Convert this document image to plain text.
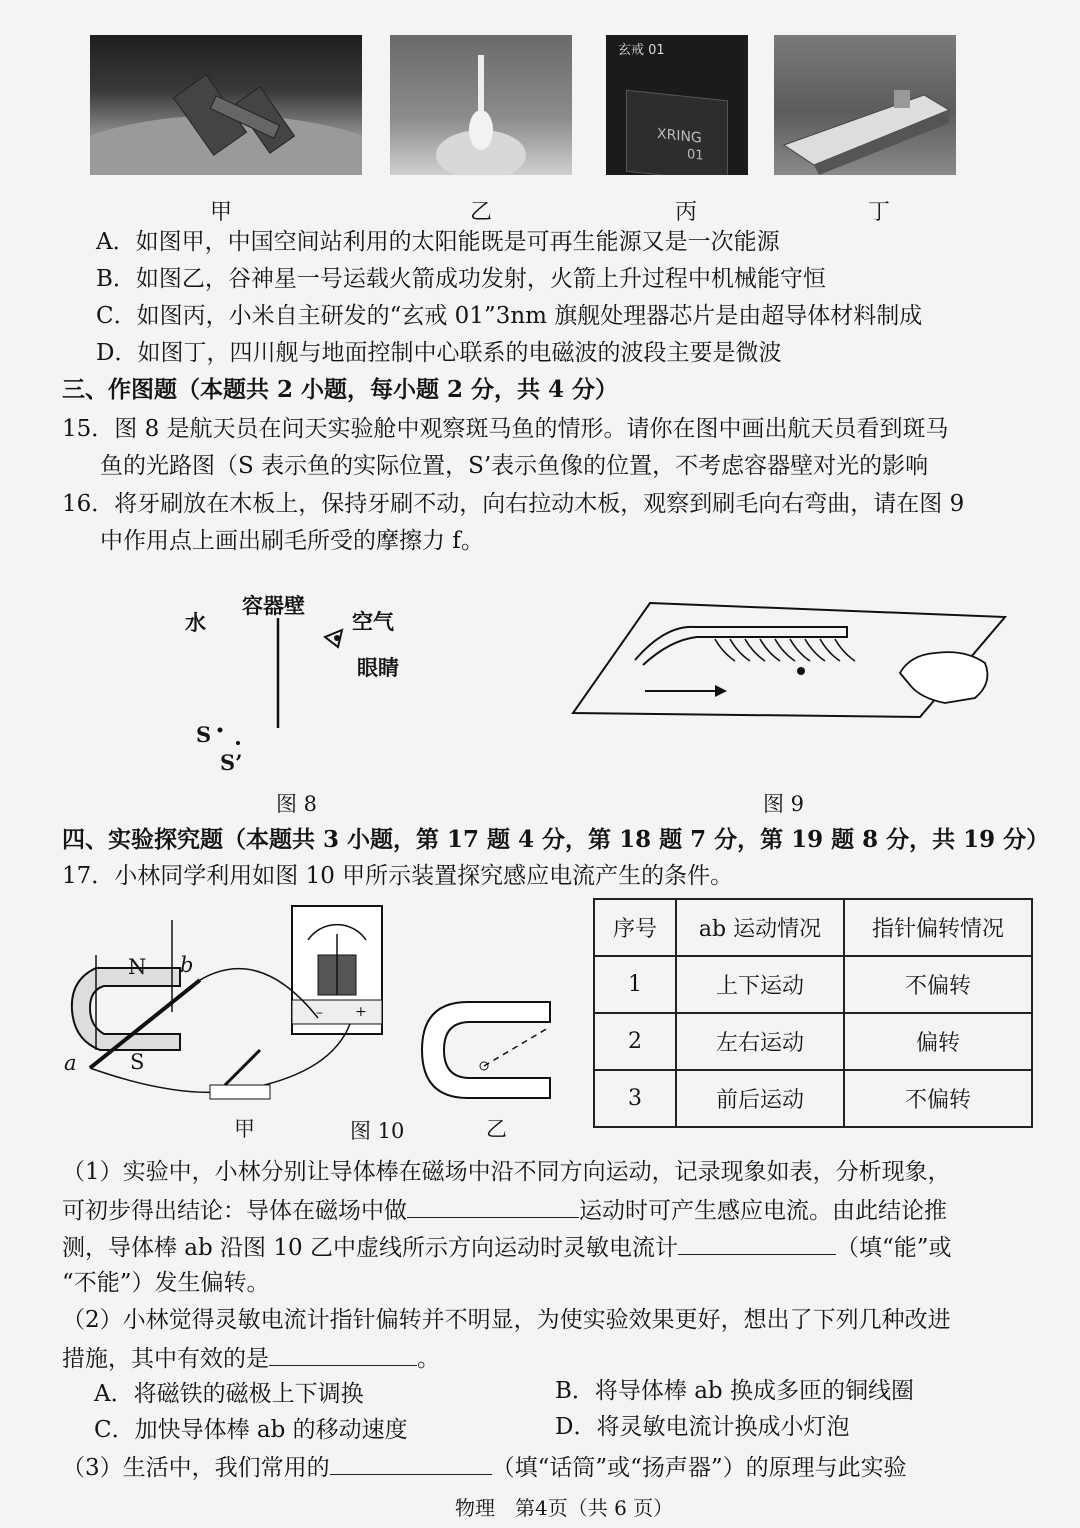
玄戒 01
XRING
01
甲	乙	丙	丁
A．如图甲，中国空间站利用的太阳能既是可再生能源又是一次能源
B．如图乙，谷神星一号运载火箭成功发射，火箭上升过程中机械能守恒
C．如图丙，小米自主研发的“玄戒 01”3nm 旗舰处理器芯片是由超导体材料制成
D．如图丁，四川舰与地面控制中心联系的电磁波的波段主要是微波
三、作图题（本题共 2 小题，每小题 2 分，共 4 分）
15．图 8 是航天员在问天实验舱中观察斑马鱼的情形。请你在图中画出航天员看到斑马
鱼的光路图（S 表示鱼的实际位置，S’表示鱼像的位置，不考虑容器壁对光的影响
16．将牙刷放在木板上，保持牙刷不动，向右拉动木板，观察到刷毛向右弯曲，请在图 9
中作用点上画出刷毛所受的摩擦力 f。
水
容器壁
空气
眼睛
S
S’
图 8	图 9
四、实验探究题（本题共 3 小题，第 17 题 4 分，第 18 题 7 分，第 19 题 8 分，共 19 分）
17．小林同学利用如图 10 甲所示装置探究感应电流产生的条件。
N
S
a
b
– +
甲	图 10	乙
序号	ab 运动情况	指针偏转情况
1	上下运动	不偏转
2	左右运动	偏转
3	前后运动	不偏转
（1）实验中，小林分别让导体棒在磁场中沿不同方向运动，记录现象如表，分析现象，
可初步得出结论：导体在磁场中做	运动时可产生感应电流。由此结论推
测，导体棒 ab 沿图 10 乙中虚线所示方向运动时灵敏电流计	（填“能”或
“不能”）发生偏转。
（2）小林觉得灵敏电流计指针偏转并不明显，为使实验效果更好，想出了下列几种改进
措施，其中有效的是	。
A．将磁铁的磁极上下调换	B．将导体棒 ab 换成多匝的铜线圈
C．加快导体棒 ab 的移动速度	D．将灵敏电流计换成小灯泡
（3）生活中，我们常用的	（填“话筒”或“扬声器”）的原理与此实验
物理　第4页（共 6 页）
